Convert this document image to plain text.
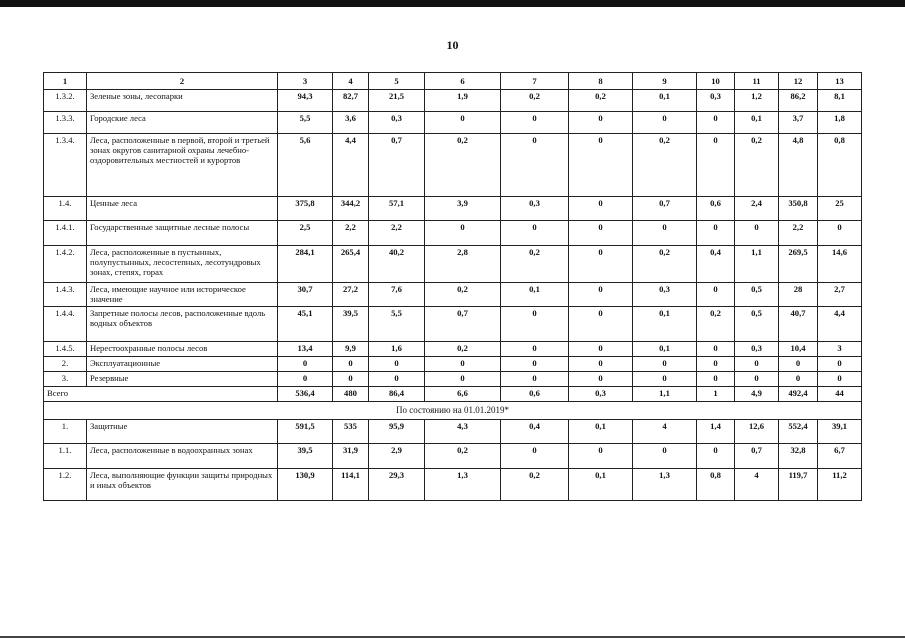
10
1	2	3	4	5	6	7	8	9	10	11	12	13
1.3.2.	Зеленые зоны, лесопарки	94,3	82,7	21,5	1,9	0,2	0,2	0,1	0,3	1,2	86,2	8,1
1.3.3.	Городские леса	5,5	3,6	0,3	0	0	0	0	0	0,1	3,7	1,8
1.3.4.	Леса, расположенные в первой, второй и третьей зонах округов санитарной охраны лечебно-оздоровительных местностей и курортов	5,6	4,4	0,7	0,2	0	0	0,2	0	0,2	4,8	0,8
1.4.	Ценные леса	375,8	344,2	57,1	3,9	0,3	0	0,7	0,6	2,4	350,8	25
1.4.1.	Государственные защитные лесные полосы	2,5	2,2	2,2	0	0	0	0	0	0	2,2	0
1.4.2.	Леса, расположенные в пустынных, полупустынных, лесостепных, лесотундровых зонах, степях, горах	284,1	265,4	40,2	2,8	0,2	0	0,2	0,4	1,1	269,5	14,6
1.4.3.	Леса, имеющие научное или историческое значение	30,7	27,2	7,6	0,2	0,1	0	0,3	0	0,5	28	2,7
1.4.4.	Запретные полосы лесов, расположенные вдоль водных объектов	45,1	39,5	5,5	0,7	0	0	0,1	0,2	0,5	40,7	4,4
1.4.5.	Нерестоохранные полосы лесов	13,4	9,9	1,6	0,2	0	0	0,1	0	0,3	10,4	3
2.	Эксплуатационные	0	0	0	0	0	0	0	0	0	0	0
3.	Резервные	0	0	0	0	0	0	0	0	0	0	0
Всего		536,4	480	86,4	6,6	0,6	0,3	1,1	1	4,9	492,4	44
По состоянию на 01.01.2019*												
1.	Защитные	591,5	535	95,9	4,3	0,4	0,1	4	1,4	12,6	552,4	39,1
1.1.	Леса, расположенные в водоохранных зонах	39,5	31,9	2,9	0,2	0	0	0	0	0,7	32,8	6,7
1.2.	Леса, выполняющие функции защиты природных и иных объектов	130,9	114,1	29,3	1,3	0,2	0,1	1,3	0,8	4	119,7	11,2
